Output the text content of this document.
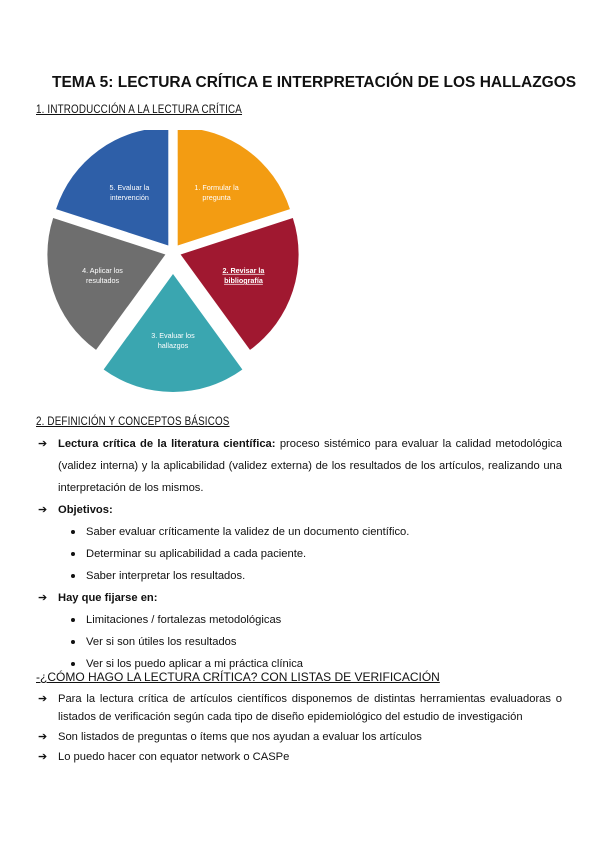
TEMA 5: LECTURA CRÍTICA E INTERPRETACIÓN DE LOS HALLAZGOS
1. INTRODUCCIÓN A LA LECTURA CRÍTICA
1. Formular la pregunta
2. Revisar la bibliografía
3. Evaluar los hallazgos
4. Aplicar los resultados
5. Evaluar la intervención
2. DEFINICIÓN Y CONCEPTOS BÁSICOS
➔ Lectura crítica de la literatura científica: proceso sistémico para evaluar la calidad metodológica (validez interna) y la aplicabilidad (validez externa) de los resultados de los artículos, realizando una interpretación de los mismos.
➔ Objetivos:
Saber evaluar críticamente la validez de un documento científico.
Determinar su aplicabilidad a cada paciente.
Saber interpretar los resultados.
➔ Hay que fijarse en:
Limitaciones / fortalezas metodológicas
Ver si son útiles los resultados
Ver si los puedo aplicar a mi práctica clínica
-¿CÓMO HAGO LA LECTURA CRÍTICA? CON LISTAS DE VERIFICACIÓN
➔ Para la lectura crítica de artículos científicos disponemos de distintas herramientas evaluadoras o listados de verificación según cada tipo de diseño epidemiológico del estudio de investigación
➔ Son listados de preguntas o ítems que nos ayudan a evaluar los artículos
➔ Lo puedo hacer con equator network o CASPe
